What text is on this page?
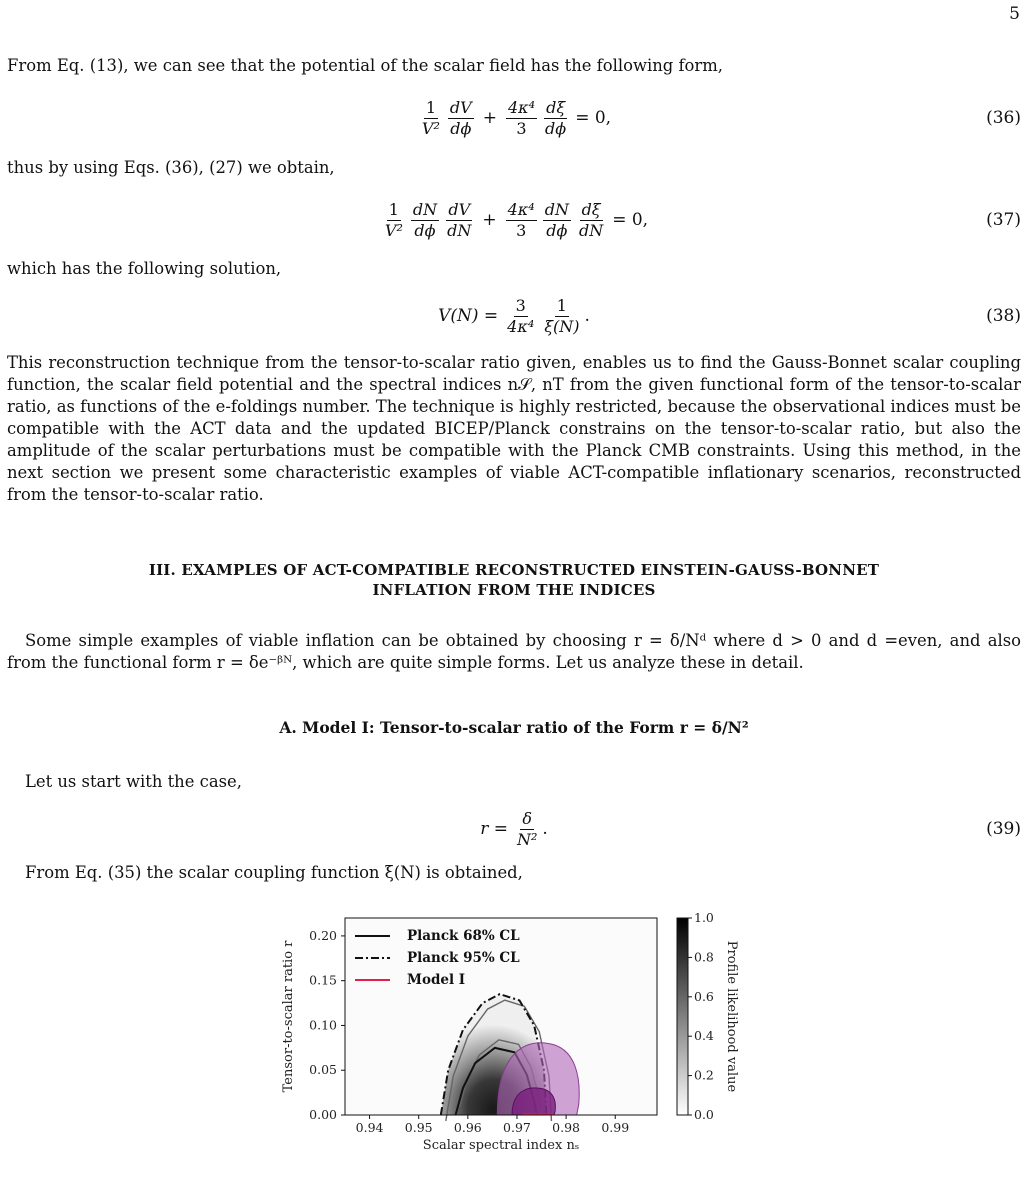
5
From Eq. (13), we can see that the potential of the scalar field has the following form,
$\frac{1}{\text{V²}} \frac{dV}{d\phi} + \frac{\text{4κ⁴}}{3} \frac{d\xi}{d\phi} = 0$,	(36)
thus by using Eqs. (36), (27) we obtain,
$\frac{1}{\text{V²}} \frac{dN}{d\phi} \frac{dV}{dN} + \frac{\text{4κ⁴}}{3} \frac{dN}{d\phi} \frac{d\xi}{dN} = 0$,	(37)
which has the following solution,
$V(N) = \frac{3}{\text{4κ⁴}} \frac{1}{\xi(N)}$ .	(38)
This reconstruction technique from the tensor-to-scalar ratio given, enables us to find the Gauss-Bonnet scalar coupling function, the scalar field potential and the spectral indices n𝒮, nT from the given functional form of the tensor-to-scalar ratio, as functions of the e-foldings number. The technique is highly restricted, because the observational indices must be compatible with the ACT data and the updated BICEP/Planck constrains on the tensor-to-scalar ratio, but also the amplitude of the scalar perturbations must be compatible with the Planck CMB constraints. Using this method, in the next section we present some characteristic examples of viable ACT-compatible inflationary scenarios, reconstructed from the tensor-to-scalar ratio.
III. EXAMPLES OF ACT-COMPATIBLE RECONSTRUCTED EINSTEIN-GAUSS-BONNET
INFLATION FROM THE INDICES
Some simple examples of viable inflation can be obtained by choosing r = δ/Nᵈ where d > 0 and d =even, and also from the functional form r = δe⁻ᵝᴺ, which are quite simple forms. Let us analyze these in detail.
A. Model I: Tensor-to-scalar ratio of the Form r = δ/N²
Let us start with the case,
$r = \frac{\delta}{\text{N²}}$ .	(39)
From Eq. (35) the scalar coupling function ξ(N) is obtained,
0.94 0.95 0.96 0.97 0.98 0.99
0.00
0.05
0.10
0.15
0.20
Scalar spectral index nₛ
Tensor-to-scalar ratio r
Planck 68% CL
Planck 95% CL
Model I
0.0
0.2
0.4
0.6
0.8
1.0
Profile likelihood value
